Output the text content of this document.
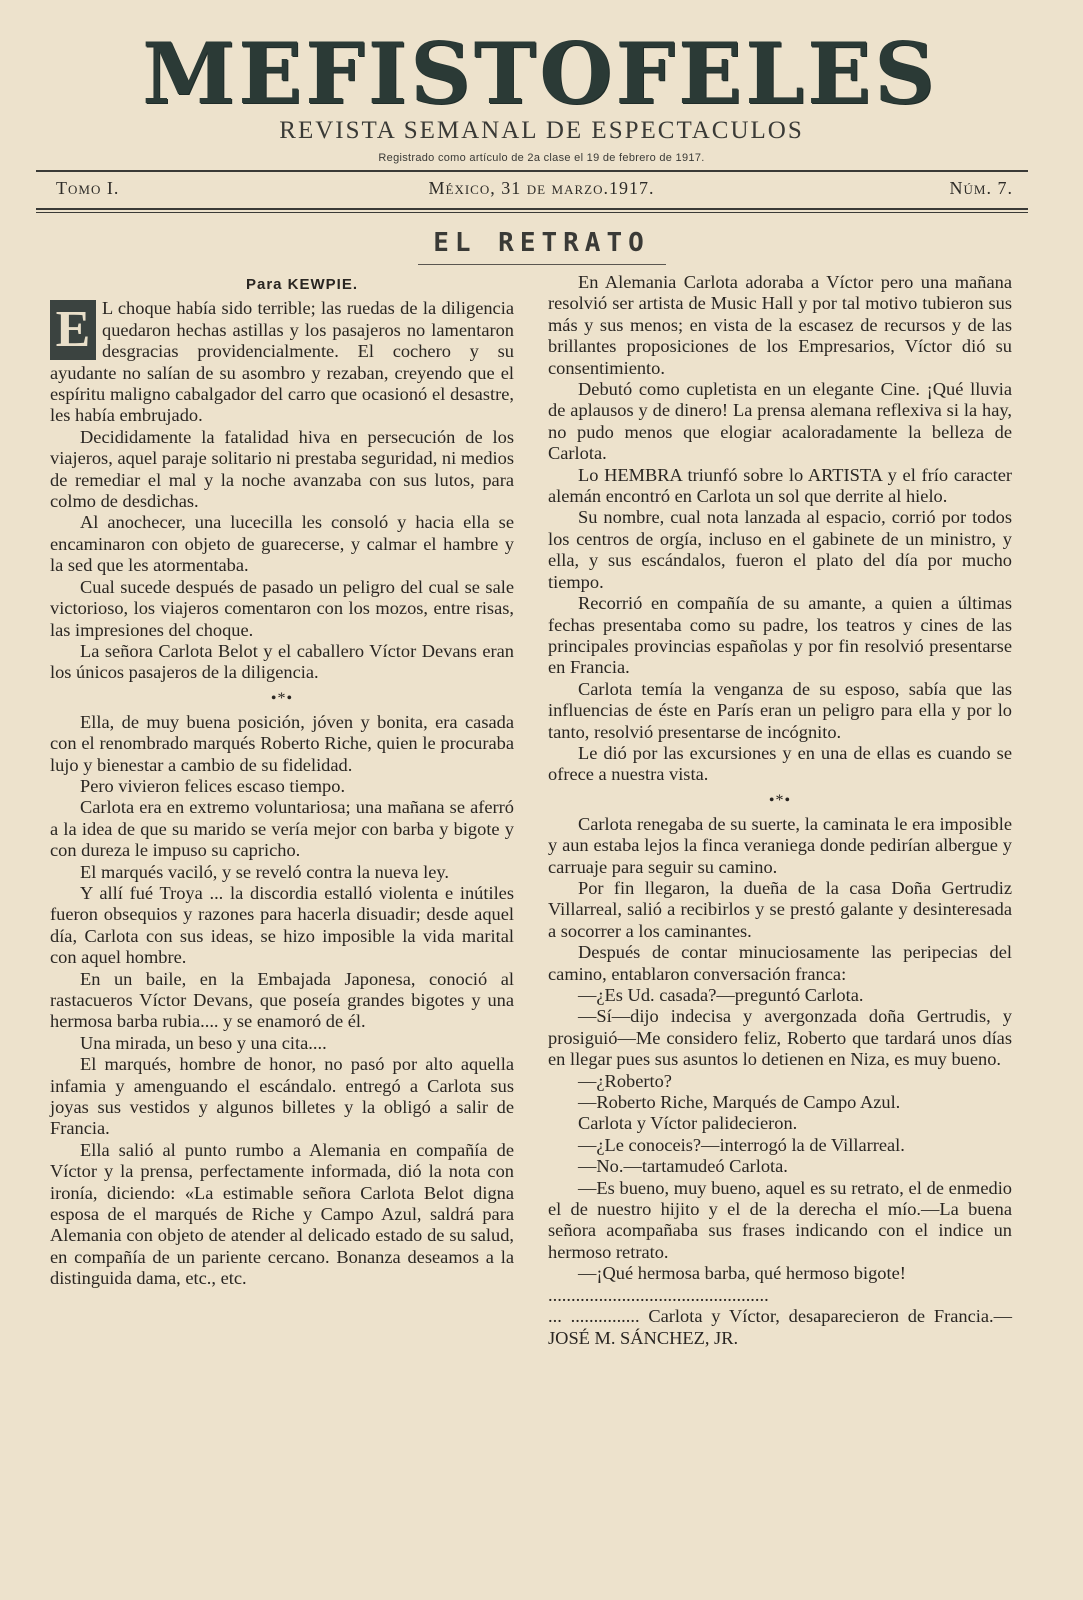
MEFISTOFELES
REVISTA SEMANAL DE ESPECTACULOS
Registrado como artículo de 2a clase el 19 de febrero de 1917.
Tomo I.	México, 31 de marzo.1917.	Núm. 7.
EL RETRATO
Para KEWPIE.
E L choque había sido terrible; las ruedas de la diligencia quedaron hechas astillas y los pasajeros no lamentaron desgracias providencialmente. El cochero y su ayudante no salían de su asombro y rezaban, creyendo que el espíritu maligno cabalgador del carro que ocasionó el desastre, les había embrujado.

Decididamente la fatalidad hiva en persecución de los viajeros, aquel paraje solitario ni prestaba seguridad, ni medios de remediar el mal y la noche avanzaba con sus lutos, para colmo de desdichas.

Al anochecer, una lucecilla les consoló y hacia ella se encaminaron con objeto de guarecerse, y calmar el hambre y la sed que les atormentaba.

Cual sucede después de pasado un peligro del cual se sale victorioso, los viajeros comentaron con los mozos, entre risas, las impresiones del choque.

La señora Carlota Belot y el caballero Víctor Devans eran los únicos pasajeros de la diligencia.

•*•

Ella, de muy buena posición, jóven y bonita, era casada con el renombrado marqués Roberto Riche, quien le procuraba lujo y bienestar a cambio de su fidelidad.

Pero vivieron felices escaso tiempo.

Carlota era en extremo voluntariosa; una mañana se aferró a la idea de que su marido se vería mejor con barba y bigote y con dureza le impuso su capricho.

El marqués vaciló, y se reveló contra la nueva ley.

Y allí fué Troya ... la discordia estalló violenta e inútiles fueron obsequios y razones para hacerla disuadir; desde aquel día, Carlota con sus ideas, se hizo imposible la vida marital con aquel hombre.

En un baile, en la Embajada Japonesa, conoció al rastacueros Víctor Devans, que poseía grandes bigotes y una hermosa barba rubia.... y se enamoró de él.

Una mirada, un beso y una cita....

El marqués, hombre de honor, no pasó por alto aquella infamia y amenguando el escándalo. entregó a Carlota sus joyas sus vestidos y algunos billetes y la obligó a salir de Francia.

Ella salió al punto rumbo a Alemania en compañía de Víctor y la prensa, perfectamente informada, dió la nota con ironía, diciendo: «La estimable señora Carlota Belot digna esposa de el marqués de Riche y Campo Azul, saldrá para Alemania con objeto de atender al delicado estado de su salud, en compañía de un pariente cercano. Bonanza deseamos a la distinguida dama, etc., etc.

En Alemania Carlota adoraba a Víctor pero una mañana resolvió ser artista de Music Hall y por tal motivo tubieron sus más y sus menos; en vista de la escasez de recursos y de las brillantes proposiciones de los Empresarios, Víctor dió su consentimiento.

Debutó como cupletista en un elegante Cine. ¡Qué lluvia de aplausos y de dinero! La prensa alemana reflexiva si la hay, no pudo menos que elogiar acaloradamente la belleza de Carlota.

Lo HEMBRA triunfó sobre lo ARTISTA y el frío caracter alemán encontró en Carlota un sol que derrite al hielo.

Su nombre, cual nota lanzada al espacio, corrió por todos los centros de orgía, incluso en el gabinete de un ministro, y ella, y sus escándalos, fueron el plato del día por mucho tiempo.

Recorrió en compañía de su amante, a quien a últimas fechas presentaba como su padre, los teatros y cines de las principales provincias españolas y por fin resolvió presentarse en Francia.

Carlota temía la venganza de su esposo, sabía que las influencias de éste en París eran un peligro para ella y por lo tanto, resolvió presentarse de incógnito.

Le dió por las excursiones y en una de ellas es cuando se ofrece a nuestra vista.

•*•

Carlota renegaba de su suerte, la caminata le era imposible y aun estaba lejos la finca veraniega donde pedirían albergue y carruaje para seguir su camino.

Por fin llegaron, la dueña de la casa Doña Gertrudiz Villarreal, salió a recibirlos y se prestó galante y desinteresada a socorrer a los caminantes.

Después de contar minuciosamente las peripecias del camino, entablaron conversación franca:

—¿Es Ud. casada?—preguntó Carlota.

—Sí—dijo indecisa y avergonzada doña Gertrudis, y prosiguió—Me considero feliz, Roberto que tardará unos días en llegar pues sus asuntos lo detienen en Niza, es muy bueno.

—¿Roberto?

—Roberto Riche, Marqués de Campo Azul.

Carlota y Víctor palidecieron.

—¿Le conoceis?—interrogó la de Villarreal.

—No.—tartamudeó Carlota.

—Es bueno, muy bueno, aquel es su retrato, el de enmedio el de nuestro hijito y el de la derecha el mío.—La buena señora acompañaba sus frases indicando con el indice un hermoso retrato.

—¡Qué hermosa barba, qué hermoso bigote!

................................................

... ............... Carlota y Víctor, desaparecieron de Francia.—JOSÉ M. SÁNCHEZ, JR.
